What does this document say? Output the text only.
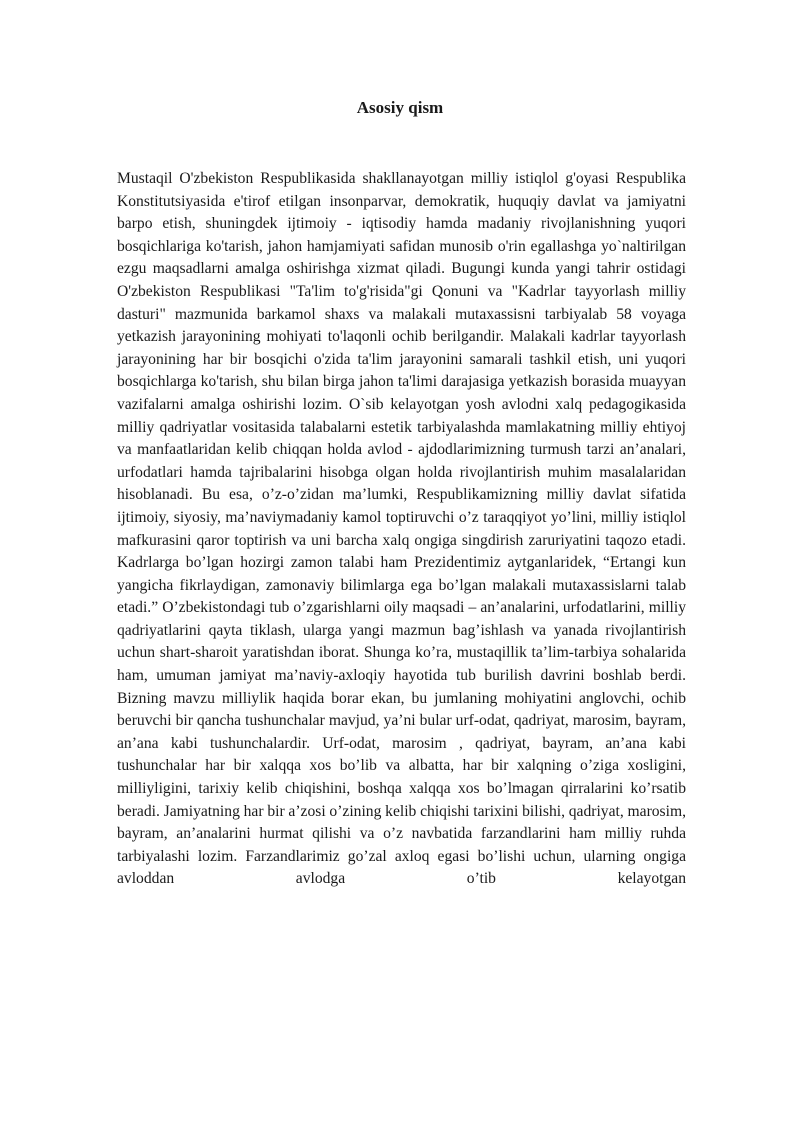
Asosiy qism

Mustaqil O'zbekiston Respublikasida shakllanayotgan milliy istiqlol g'oyasi Respublika Konstitutsiyasida e'tirof etilgan insonparvar, demokratik, huquqiy davlat va jamiyatni barpo etish, shuningdek ijtimoiy - iqtisodiy hamda madaniy rivojlanishning yuqori bosqichlariga ko'tarish, jahon hamjamiyati safidan munosib o'rin egallashga yo`naltirilgan ezgu maqsadlarni amalga oshirishga xizmat qiladi. Bugungi kunda yangi tahrir ostidagi O'zbekiston Respublikasi "Ta'lim to'g'risida"gi Qonuni va "Kadrlar tayyorlash milliy dasturi" mazmunida barkamol shaxs va malakali mutaxassisni tarbiyalab 58 voyaga yetkazish jarayonining mohiyati to'laqonli ochib berilgandir. Malakali kadrlar tayyorlash jarayonining har bir bosqichi o'zida ta'lim jarayonini samarali tashkil etish, uni yuqori bosqichlarga ko'tarish, shu bilan birga jahon ta'limi darajasiga yetkazish borasida muayyan vazifalarni amalga oshirishi lozim. O`sib kelayotgan yosh avlodni xalq pedagogikasida milliy qadriyatlar vositasida talabalarni estetik tarbiyalashda mamlakatning milliy ehtiyoj va manfaatlaridan kelib chiqqan holda avlod - ajdodlarimizning turmush tarzi an’analari, urfodatlari hamda tajribalarini hisobga olgan holda rivojlantirish muhim masalalaridan hisoblanadi. Bu esa, o’z-o’zidan ma’lumki, Respublikamizning milliy davlat sifatida ijtimoiy, siyosiy, ma’naviymadaniy kamol toptiruvchi o’z taraqqiyot yo’lini, milliy istiqlol mafkurasini qaror toptirish va uni barcha xalq ongiga singdirish zaruriyatini taqozo etadi. Kadrlarga bo’lgan hozirgi zamon talabi ham Prezidentimiz aytganlaridek, “Ertangi kun yangicha fikrlaydigan, zamonaviy bilimlarga ega bo’lgan malakali mutaxassislarni talab etadi.” O’zbekistondagi tub o’zgarishlarni oily maqsadi – an’analarini, urfodatlarini, milliy qadriyatlarini qayta tiklash, ularga yangi mazmun bag’ishlash va yanada rivojlantirish uchun shart-sharoit yaratishdan iborat. Shunga ko’ra, mustaqillik ta’lim-tarbiya sohalarida ham, umuman jamiyat ma’naviy-axloqiy hayotida tub burilish davrini boshlab berdi. Bizning mavzu milliylik haqida borar ekan, bu jumlaning mohiyatini anglovchi, ochib beruvchi bir qancha tushunchalar mavjud, ya’ni bular urf-odat, qadriyat, marosim, bayram, an’ana kabi tushunchalardir. Urf-odat, marosim , qadriyat, bayram, an’ana kabi tushunchalar har bir xalqqa xos bo’lib va albatta, har bir xalqning o’ziga xosligini, milliyligini, tarixiy kelib chiqishini, boshqa xalqqa xos bo’lmagan qirralarini ko’rsatib beradi. Jamiyatning har bir a’zosi o’zining kelib chiqishi tarixini bilishi, qadriyat, marosim, bayram, an’analarini hurmat qilishi va o’z navbatida farzandlarini ham milliy ruhda tarbiyalashi lozim. Farzandlarimiz go’zal axloq egasi bo’lishi uchun, ularning ongiga avloddan avlodga o’tib kelayotgan
